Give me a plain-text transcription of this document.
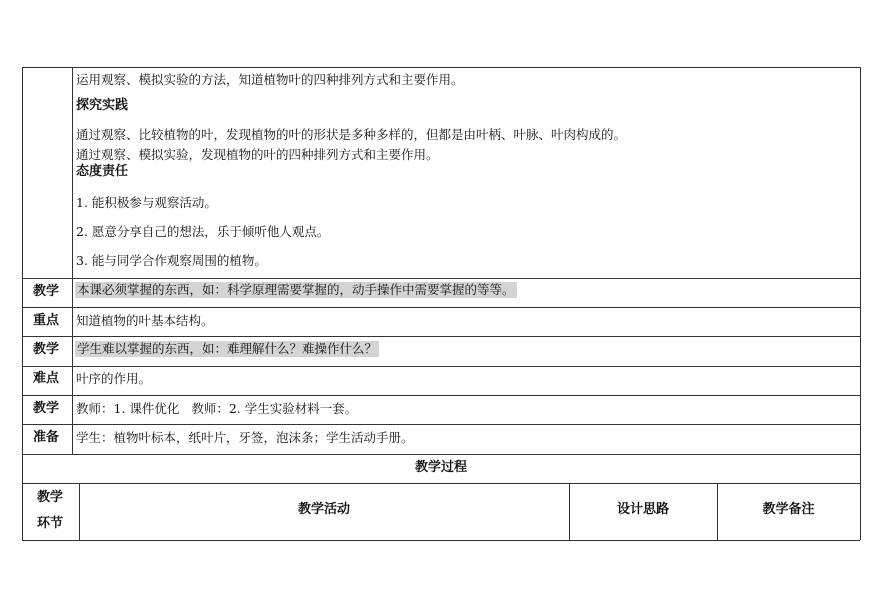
运用观察、模拟实验的方法，知道植物叶的四种排列方式和主要作用。
探究实践
通过观察、比较植物的叶，发现植物的叶的形状是多种多样的，但都是由叶柄、叶脉、叶肉构成的。
通过观察、模拟实验，发现植物的叶的四种排列方式和主要作用。
态度责任
1. 能积极参与观察活动。
2. 愿意分享自己的想法，乐于倾听他人观点。
3. 能与同学合作观察周围的植物。
教学
重点
本课必须掌握的东西，如：科学原理需要掌握的，动手操作中需要掌握的等等。
知道植物的叶基本结构。
教学
难点
学生难以掌握的东西，如：难理解什么？难操作什么？
叶序的作用。
教学
准备
教师：1. 课件优化   教师：2. 学生实验材料一套。
学生：植物叶标本，纸叶片，牙签，泡沫条；学生活动手册。
教学过程
教学
环节
教学活动	设计思路	教学备注
